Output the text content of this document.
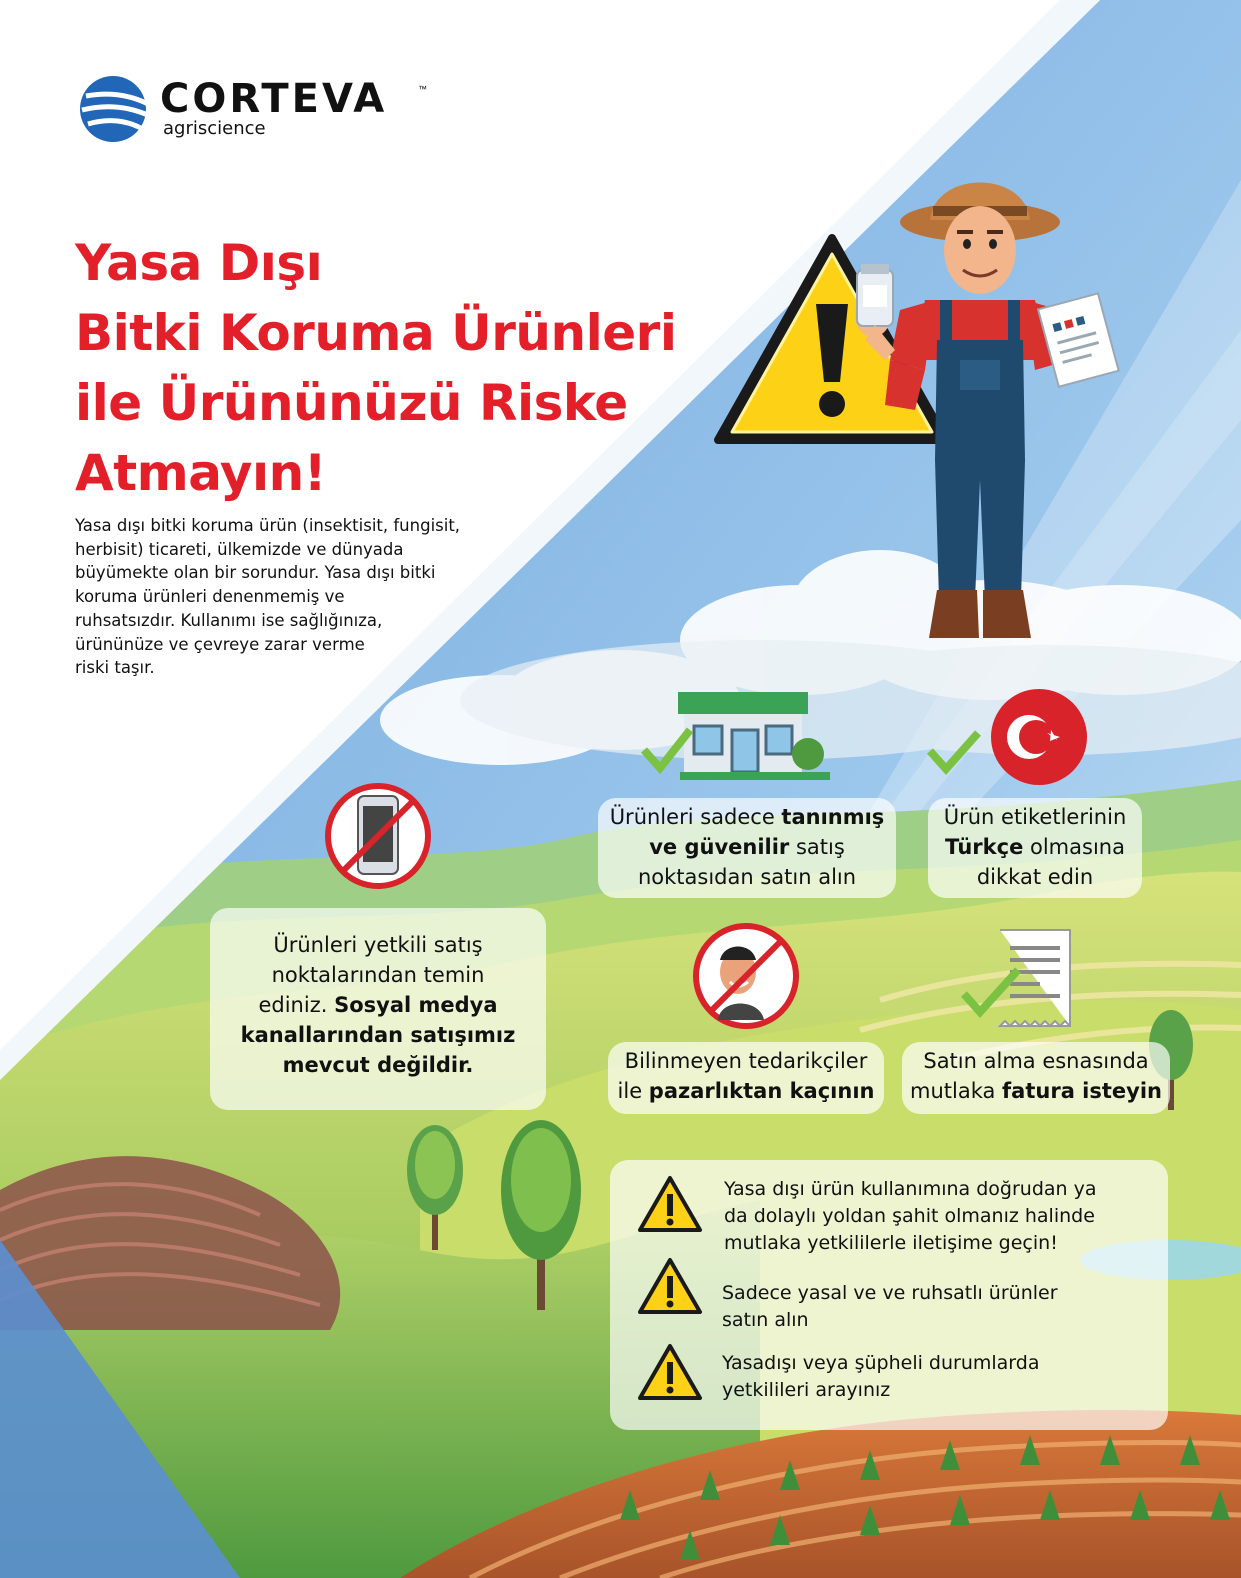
CORTEVA	™
agriscience
Yasa Dışı
Bitki Koruma Ürünleri
ile Ürününüzü Riske
Atmayın!
Yasa dışı bitki koruma ürün (insektisit, fungisit,
herbisit) ticareti, ülkemizde ve dünyada
büyümekte olan bir sorundur. Yasa dışı bitki
koruma ürünleri denenmemiş ve
ruhsatsızdır. Kullanımı ise sağlığınıza,
ürününüze ve çevreye zarar verme
riski taşır.
Ürünleri yetkili satış
noktalarından temin
ediniz. Sosyal medya
kanallarından satışımız
mevcut değildir.
Ürünleri sadece tanınmış
ve güvenilir satış
noktasıdan satın alın
Ürün etiketlerinin
Türkçe olmasına
dikkat edin
Bilinmeyen tedarikçiler
ile pazarlıktan kaçının
Satın alma esnasında
mutlaka fatura isteyin
Yasa dışı ürün kullanımına doğrudan ya
da dolaylı yoldan şahit olmanız halinde
mutlaka yetkililerle iletişime geçin!
Sadece yasal ve ve ruhsatlı ürünler
satın alın
Yasadışı veya şüpheli durumlarda
yetkilileri arayınız
